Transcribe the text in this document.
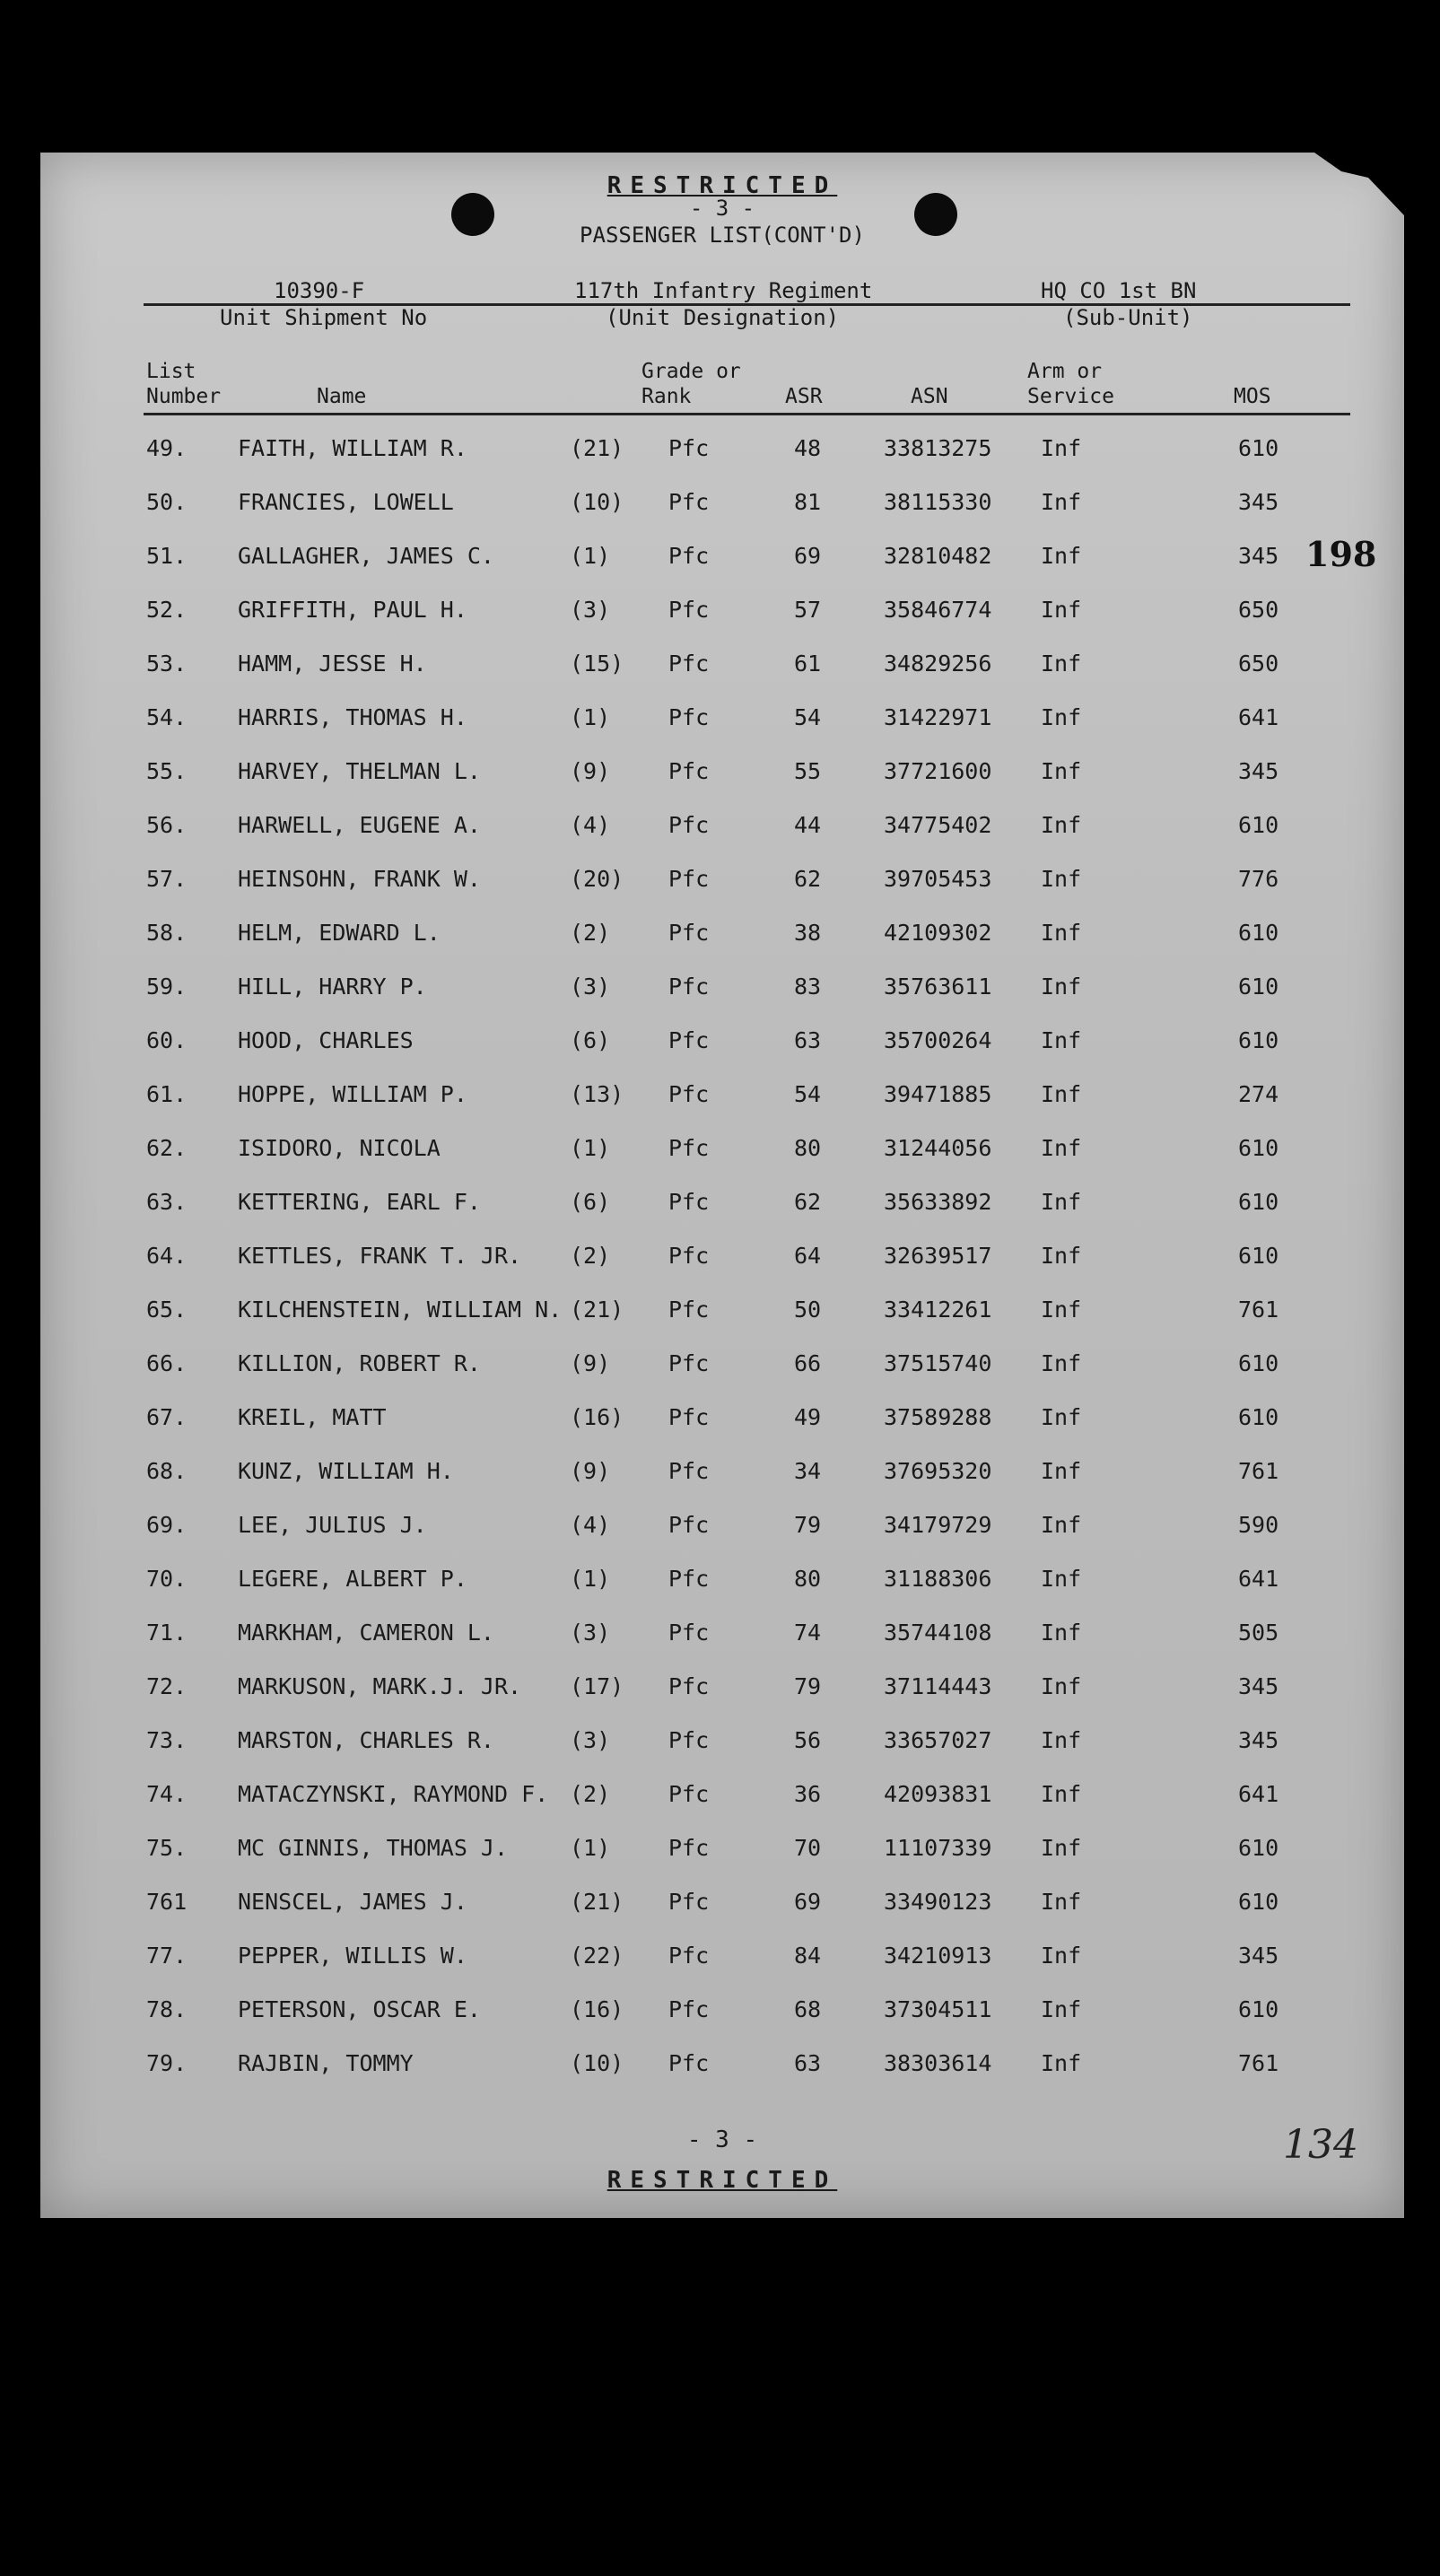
RESTRICTED
- 3 -
PASSENGER LIST(CONT'D)
10390-F	117th Infantry Regiment	HQ CO 1st BN
Unit Shipment No	(Unit Designation)	(Sub-Unit)
List
Number	Name
Grade or
Rank	ASR	ASN
Arm or
Service	MOS
49. FAITH, WILLIAM R.	(21) Pfc	48	33813275 Inf	610
50. FRANCIES, LOWELL	(10) Pfc	81	38115330 Inf	345
51. GALLAGHER, JAMES C.	(1)	Pfc	69	32810482 Inf	345
52. GRIFFITH, PAUL H.	(3)	Pfc	57	35846774 Inf	650
53. HAMM, JESSE H.	(15) Pfc	61	34829256 Inf	650
54. HARRIS, THOMAS H.	(1)	Pfc	54	31422971 Inf	641
55. HARVEY, THELMAN L.	(9)	Pfc	55	37721600 Inf	345
56. HARWELL, EUGENE A.	(4)	Pfc	44	34775402 Inf	610
57. HEINSOHN, FRANK W.	(20) Pfc	62	39705453 Inf	776
58. HELM, EDWARD L.	(2)	Pfc	38	42109302 Inf	610
59. HILL, HARRY P.	(3)	Pfc	83	35763611 Inf	610
60. HOOD, CHARLES	(6)	Pfc	63	35700264 Inf	610
61. HOPPE, WILLIAM P.	(13) Pfc	54	39471885 Inf	274
62. ISIDORO, NICOLA	(1)	Pfc	80	31244056 Inf	610
63. KETTERING, EARL F.	(6)	Pfc	62	35633892 Inf	610
64. KETTLES, FRANK T. JR. (2)	Pfc	64	32639517 Inf	610
65. KILCHENSTEIN, WILLIAM N. (21) Pfc	50	33412261 Inf	761
66. KILLION, ROBERT R.	(9)	Pfc	66	37515740 Inf	610
67. KREIL, MATT	(16) Pfc	49	37589288 Inf	610
68. KUNZ, WILLIAM H.	(9)	Pfc	34	37695320 Inf	761
69. LEE, JULIUS J.	(4)	Pfc	79	34179729 Inf	590
70. LEGERE, ALBERT P.	(1)	Pfc	80	31188306 Inf	641
71. MARKHAM, CAMERON L.	(3)	Pfc	74	35744108 Inf	505
72. MARKUSON, MARK.J. JR. (17) Pfc	79	37114443 Inf	345
73. MARSTON, CHARLES R.	(3)	Pfc	56	33657027 Inf	345
74. MATACZYNSKI, RAYMOND F. (2)	Pfc	36	42093831 Inf	641
75. MC GINNIS, THOMAS J.	(1)	Pfc	70	11107339 Inf	610
761 NENSCEL, JAMES J.	(21) Pfc	69	33490123 Inf	610
77. PEPPER, WILLIS W.	(22) Pfc	84	34210913 Inf	345
78. PETERSON, OSCAR E.	(16) Pfc	68	37304511 Inf	610
79. RAJBIN, TOMMY	(10) Pfc	63	38303614 Inf	761
198
- 3 -
RESTRICTED
134
